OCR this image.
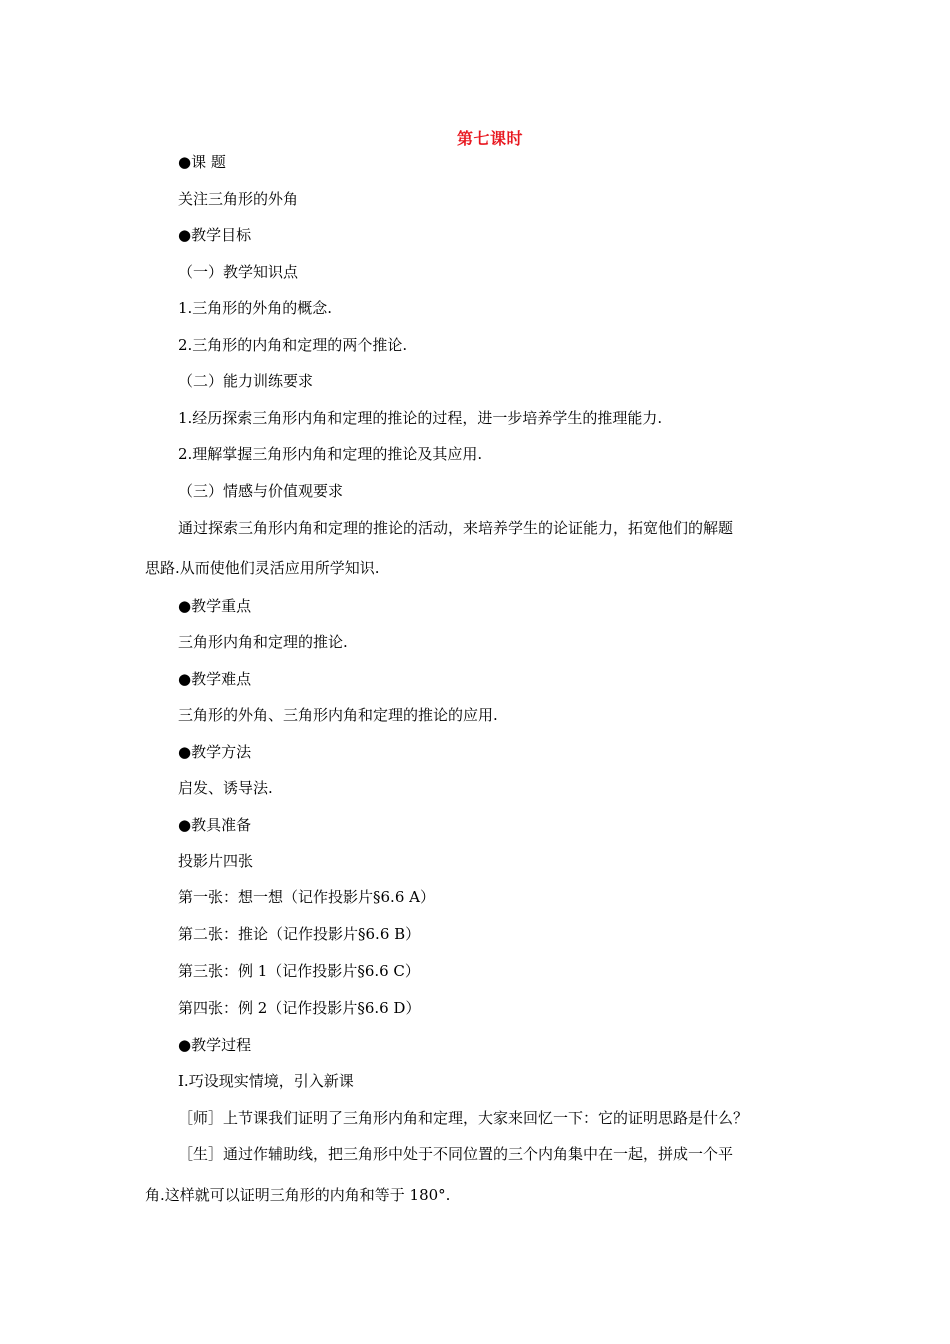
第七课时
●课 题
关注三角形的外角
●教学目标
（一）教学知识点
1.三角形的外角的概念.
2.三角形的内角和定理的两个推论.
（二）能力训练要求
1.经历探索三角形内角和定理的推论的过程，进一步培养学生的推理能力.
2.理解掌握三角形内角和定理的推论及其应用.
（三）情感与价值观要求
通过探索三角形内角和定理的推论的活动，来培养学生的论证能力，拓宽他们的解题
思路.从而使他们灵活应用所学知识.
●教学重点
三角形内角和定理的推论.
●教学难点
三角形的外角、三角形内角和定理的推论的应用.
●教学方法
启发、诱导法.
●教具准备
投影片四张
第一张：想一想（记作投影片§6.6 A）
第二张：推论（记作投影片§6.6 B）
第三张：例 1（记作投影片§6.6 C）
第四张：例 2（记作投影片§6.6 D）
●教学过程
Ⅰ.巧设现实情境，引入新课
［师］上节课我们证明了三角形内角和定理，大家来回忆一下：它的证明思路是什么？
［生］通过作辅助线，把三角形中处于不同位置的三个内角集中在一起，拼成一个平
角.这样就可以证明三角形的内角和等于 180°.
